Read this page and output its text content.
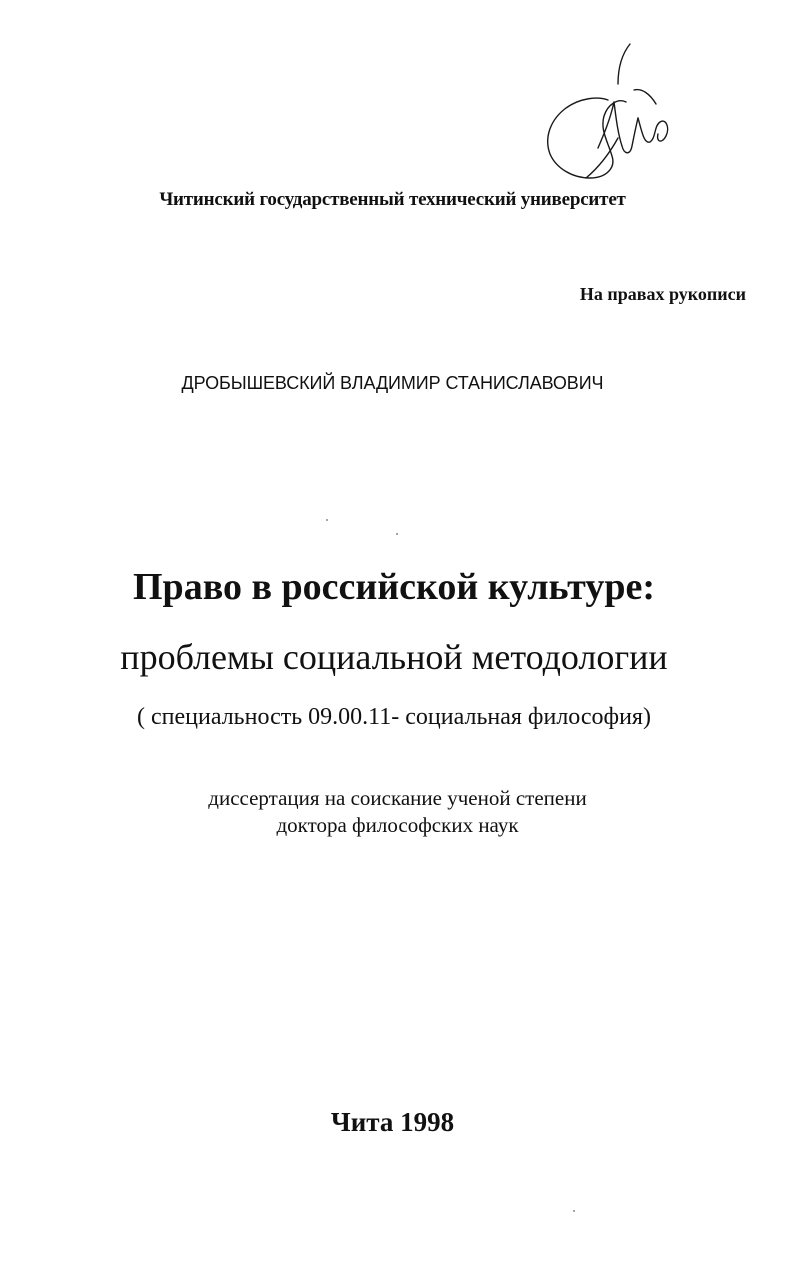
Читинский государственный технический университет
На правах рукописи
ДРОБЫШЕВСКИЙ ВЛАДИМИР СТАНИСЛАВОВИЧ
Право в российской культуре:
проблемы социальной методологии
( специальность 09.00.11- социальная философия)
диссертация на соискание ученой степени
доктора философских наук
Чита 1998
